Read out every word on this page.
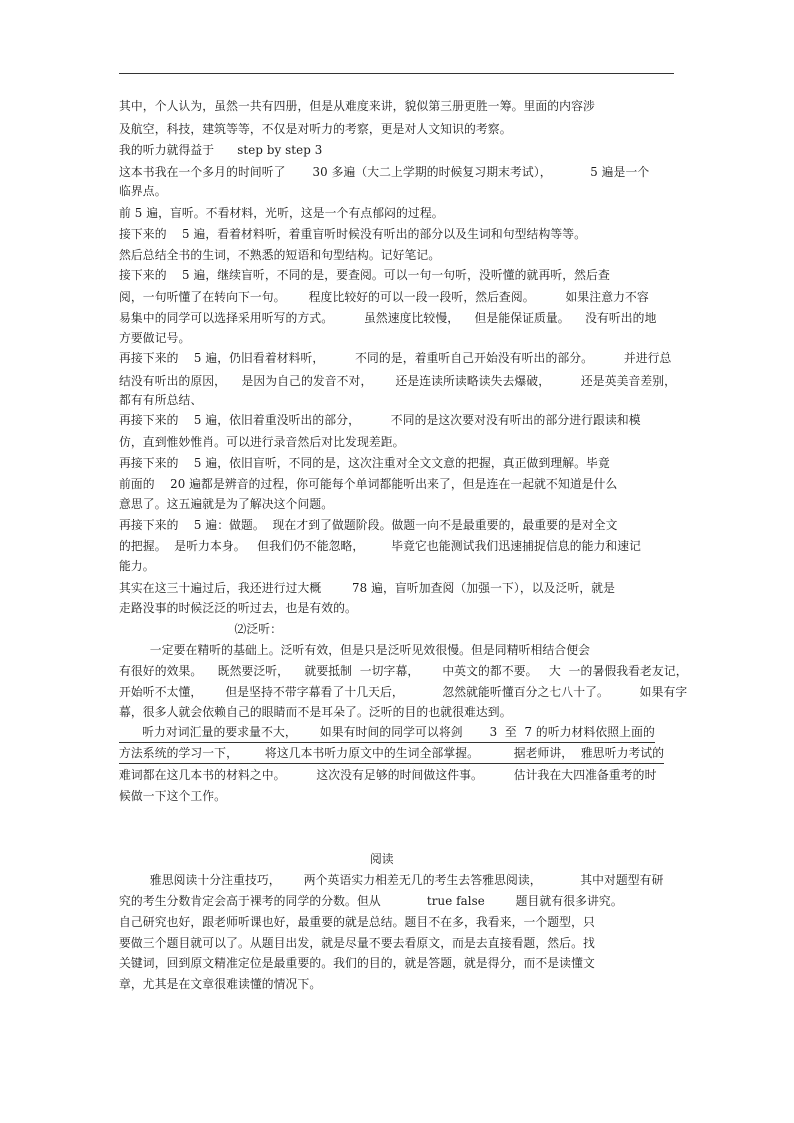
其中，个人认为，虽然一共有四册，但是从难度来讲，貌似第三册更胜一筹。里面的内容涉
及航空，科技，建筑等等，不仅是对听力的考察，更是对人文知识的考察。
我的听力就得益于      step by step 3
这本书我在一个多月的时间听了       30 多遍（大二上学期的时候复习期末考试），          5 遍是一个
临界点。
前 5 遍，盲听。不看材料，光听，这是一个有点郁闷的过程。
接下来的    5 遍，看着材料听，着重盲听时候没有听出的部分以及生词和句型结构等等。
然后总结全书的生词，不熟悉的短语和句型结构。记好笔记。
接下来的    5 遍，继续盲听，不同的是，要查阅。可以一句一句听，没听懂的就再听，然后查
阅，一句听懂了在转向下一句。      程度比较好的可以一段一段听，然后查阅。        如果注意力不容
易集中的同学可以选择采用听写的方式。        虽然速度比较慢，    但是能保证质量。    没有听出的地
方要做记号。
再接下来的    5 遍，仍旧看着材料听，        不同的是，着重听自己开始没有听出的部分。        并进行总
结没有听出的原因，    是因为自己的发音不对，      还是连读所读略读失去爆破，        还是英美音差别，
都有有所总结、
再接下来的    5 遍，依旧着重没听出的部分，        不同的是这次要对没有听出的部分进行跟读和模
仿，直到惟妙惟肖。可以进行录音然后对比发现差距。
再接下来的    5 遍，依旧盲听，不同的是，这次注重对全文文意的把握，真正做到理解。毕竟
前面的    20 遍都是辨音的过程，你可能每个单词都能听出来了，但是连在一起就不知道是什么
意思了。这五遍就是为了解决这个问题。
再接下来的    5 遍：做题。  现在才到了做题阶段。做题一向不是最重要的，最重要的是对全文
的把握。  是听力本身。   但我们仍不能忽略，       毕竟它也能测试我们迅速捕捉信息的能力和速记
能力。
其实在这三十遍过后，我还进行过大概        78 遍，盲听加查阅（加强一下），以及泛听，就是
走路没事的时候泛泛的听过去，也是有效的。
⑵泛听：
一定要在精听的基础上。泛听有效，但是只是泛听见效很慢。但是同精听相结合便会
有很好的效果。    既然要泛听，    就要抵制  一切字幕，      中英文的都不要。   大  一的暑假我看老友记，
开始听不太懂，      但是坚持不带字幕看了十几天后，          忽然就能听懂百分之七八十了。        如果有字
幕，很多人就会依赖自己的眼睛而不是耳朵了。泛听的目的也就很难达到。
听力对词汇量的要求量不大，      如果有时间的同学可以将剑       3  至  7 的听力材料依照上面的
方法系统的学习一下，       将这几本书听力原文中的生词全部掌握。         据老师讲，  雅思听力考试的
难词都在这几本书的材料之中。        这次没有足够的时间做这件事。        估计我在大四准备重考的时
候做一下这个工作。
阅读
雅思阅读十分注重技巧，      两个英语实力相差无几的考生去答雅思阅读，          其中对题型有研
究的考生分数肯定会高于裸考的同学的分数。但从            true false        题目就有很多讲究。
自己研究也好，跟老师听课也好，最重要的就是总结。题目不在多，我看来，一个题型，只
要做三个题目就可以了。从题目出发，就是尽量不要去看原文，而是去直接看题，然后。找
关键词，回到原文精准定位是最重要的。我们的目的，就是答题，就是得分，而不是读懂文
章，尤其是在文章很难读懂的情况下。
